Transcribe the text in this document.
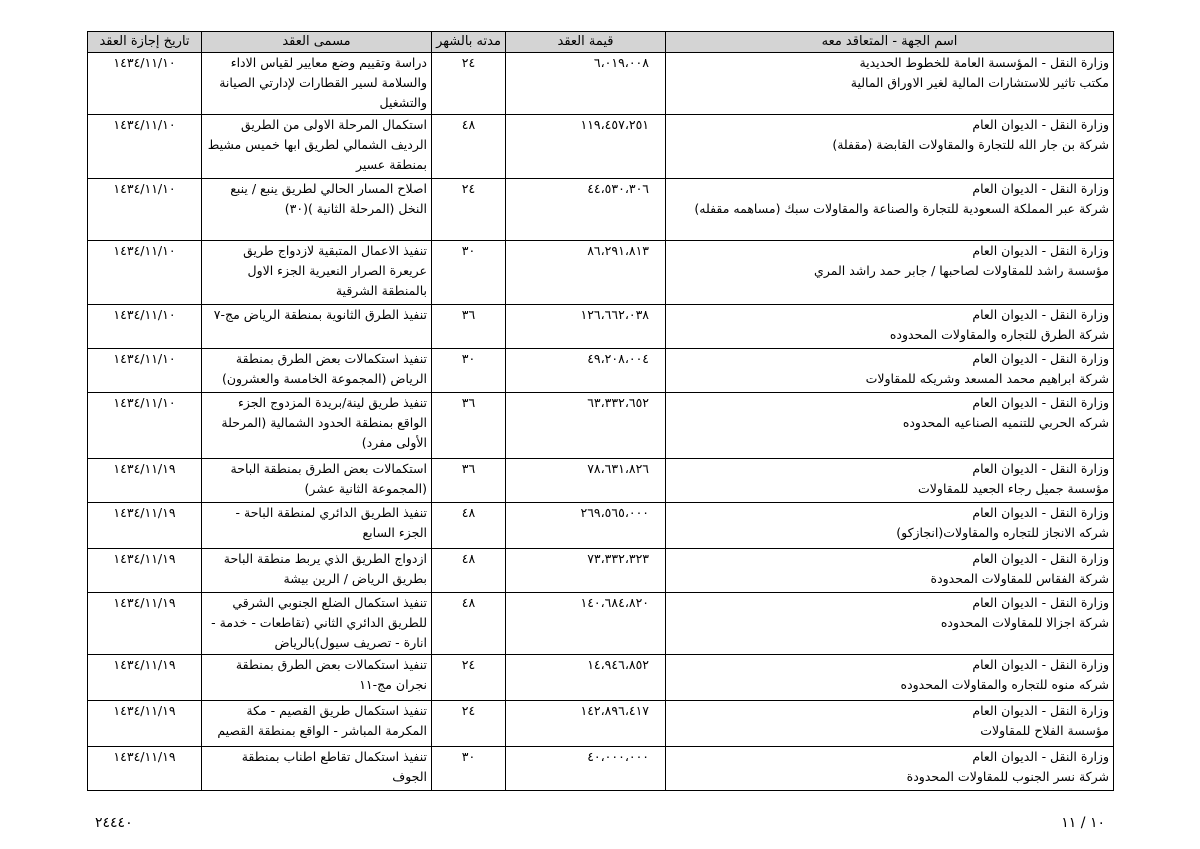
اسم الجهة - المتعاقد معه	قيمة العقد	مدته بالشهر	مسمى العقد	تاريخ إجازة العقد

وزارة النقل - المؤسسة العامة للخطوط الحديدية
مكتب تاثير للاستشارات المالية لغير الاوراق المالية	٦،٠١٩،٠٠٨	٢٤	دراسة وتقييم وضع معايير لقياس الاداء والسلامة لسير القطارات لإدارتي الصيانة والتشغيل	١٤٣٤/١١/١٠

وزارة النقل - الديوان العام
شركة بن جار الله للتجارة والمقاولات القابضة (مقفلة)	١١٩،٤٥٧،٢٥١	٤٨	استكمال المرحلة الاولى من الطريق الرديف الشمالي لطريق ابها خميس مشيط بمنطقة عسير	١٤٣٤/١١/١٠

وزارة النقل - الديوان العام
شركة عبر المملكة السعودية للتجارة والصناعة والمقاولات سبك (مساهمه مقفله)	٤٤،٥٣٠،٣٠٦	٢٤	اصلاح المسار الحالي لطريق ينبع / ينبع النخل (المرحلة الثانية )(٣٠)	١٤٣٤/١١/١٠

وزارة النقل - الديوان العام
مؤسسة راشد للمقاولات لصاحبها / جابر حمد راشد المري	٨٦،٢٩١،٨١٣	٣٠	تنفيذ الاعمال المتبقية لازدواج طريق عريعرة الصرار النعيرية الجزء الاول بالمنطقة الشرقية	١٤٣٤/١١/١٠

وزارة النقل - الديوان العام
شركة الطرق للتجاره والمقاولات المحدوده	١٢٦،٦٦٢،٠٣٨	٣٦	تنفيذ الطرق الثانوية بمنطقة الرياض مج-٧	١٤٣٤/١١/١٠

وزارة النقل - الديوان العام
شركة ابراهيم محمد المسعد وشريكه للمقاولات	٤٩،٢٠٨،٠٠٤	٣٠	تنفيذ استكمالات بعض الطرق بمنطقة الرياض (المجموعة الخامسة والعشرون)	١٤٣٤/١١/١٠

وزارة النقل - الديوان العام
شركه الحربي للتنميه الصناعيه المحدوده	٦٣،٣٣٢،٦٥٢	٣٦	تنفيذ طريق لينة/بريدة المزدوج الجزء الواقع بمنطقة الحدود الشمالية (المرحلة الأولى مفرد)	١٤٣٤/١١/١٠

وزارة النقل - الديوان العام
مؤسسة جميل رجاء الجعيد للمقاولات	٧٨،٦٣١،٨٢٦	٣٦	استكمالات بعض الطرق بمنطقة الباحة (المجموعة الثانية عشر)	١٤٣٤/١١/١٩

وزارة النقل - الديوان العام
شركه الانجاز للتجاره والمقاولات(انجازكو)	٢٦٩،٥٦٥،٠٠٠	٤٨	تنفيذ الطريق الدائري لمنطقة الباحة - الجزء السابع	١٤٣٤/١١/١٩

وزارة النقل - الديوان العام
شركة الفقاس للمقاولات المحدودة	٧٣،٣٣٢،٣٢٣	٤٨	ازدواج الطريق الذي يربط منطقة الباحة بطريق الرياض / الرين بيشة	١٤٣٤/١١/١٩

وزارة النقل - الديوان العام
شركة اجزالا للمقاولات المحدوده	١٤٠،٦٨٤،٨٢٠	٤٨	تنفيذ استكمال الضلع الجنوبي الشرقي للطريق الدائري الثاني (تقاطعات - خدمة - انارة - تصريف سيول)بالرياض	١٤٣٤/١١/١٩

وزارة النقل - الديوان العام
شركه منوه للتجاره والمقاولات المحدوده	١٤،٩٤٦،٨٥٢	٢٤	تنفيذ استكمالات بعض الطرق بمنطقة نجران مج-١١	١٤٣٤/١١/١٩

وزارة النقل - الديوان العام
مؤسسة الفلاح للمقاولات	١٤٢،٨٩٦،٤١٧	٢٤	تنفيذ استكمال طريق القصيم - مكة المكرمة المباشر - الواقع بمنطقة القصيم	١٤٣٤/١١/١٩

وزارة النقل - الديوان العام
شركة نسر الجنوب للمقاولات المحدودة	٤٠،٠٠٠،٠٠٠	٣٠	تنفيذ استكمال تقاطع اطناب بمنطقة الجوف	١٤٣٤/١١/١٩
٢٤٤٤٠	١٠ / ١١
